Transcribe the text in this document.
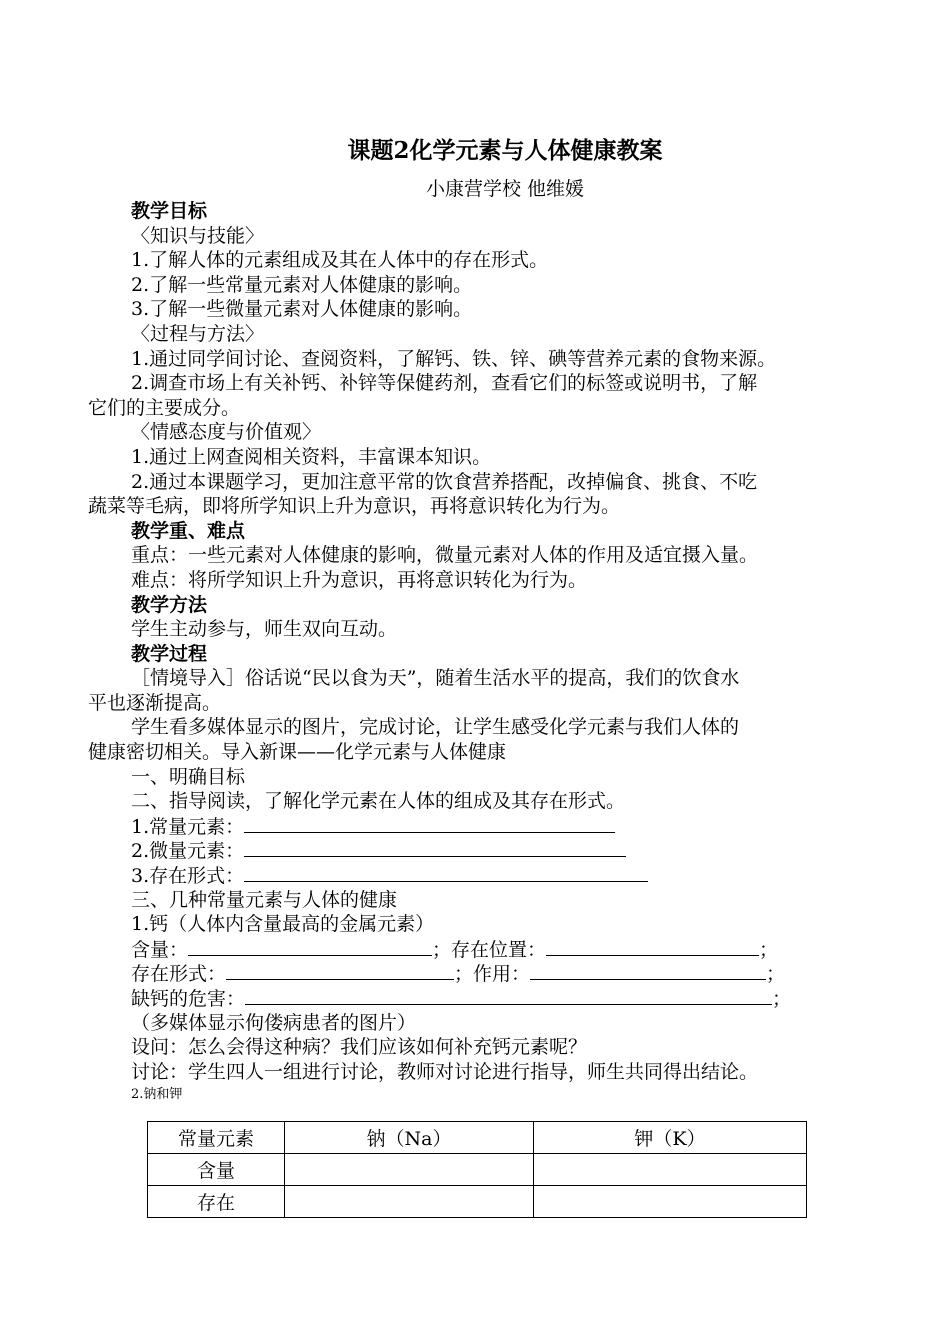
课题2化学元素与人体健康教案
小康营学校 他维媛
教学目标
〈知识与技能〉
1.了解人体的元素组成及其在人体中的存在形式。
2.了解一些常量元素对人体健康的影响。
3.了解一些微量元素对人体健康的影响。
〈过程与方法〉
1.通过同学间讨论、查阅资料，了解钙、铁、锌、碘等营养元素的食物来源。
2.调查市场上有关补钙、补锌等保健药剂，查看它们的标签或说明书，了解
它们的主要成分。
〈情感态度与价值观〉
1.通过上网查阅相关资料，丰富课本知识。
2.通过本课题学习，更加注意平常的饮食营养搭配，改掉偏食、挑食、不吃
蔬菜等毛病，即将所学知识上升为意识，再将意识转化为行为。
教学重、难点
重点：一些元素对人体健康的影响，微量元素对人体的作用及适宜摄入量。
难点：将所学知识上升为意识，再将意识转化为行为。
教学方法
学生主动参与，师生双向互动。
教学过程
［情境导入］俗话说“民以食为天”，随着生活水平的提高，我们的饮食水
平也逐渐提高。
学生看多媒体显示的图片，完成讨论，让学生感受化学元素与我们人体的
健康密切相关。导入新课——化学元素与人体健康
一、明确目标
二、指导阅读，了解化学元素在人体的组成及其存在形式。
1.常量元素：
2.微量元素：
3.存在形式：
三、几种常量元素与人体的健康
1.钙（人体内含量最高的金属元素）
含量：	；存在位置：	；
存在形式：	；作用：	；
缺钙的危害：	；
（多媒体显示佝偻病患者的图片）
设问：怎么会得这种病？我们应该如何补充钙元素呢？
讨论：学生四人一组进行讨论，教师对讨论进行指导，师生共同得出结论。
2.钠和钾
常量元素	钠（Na）	钾（K）
含量		
存在		
